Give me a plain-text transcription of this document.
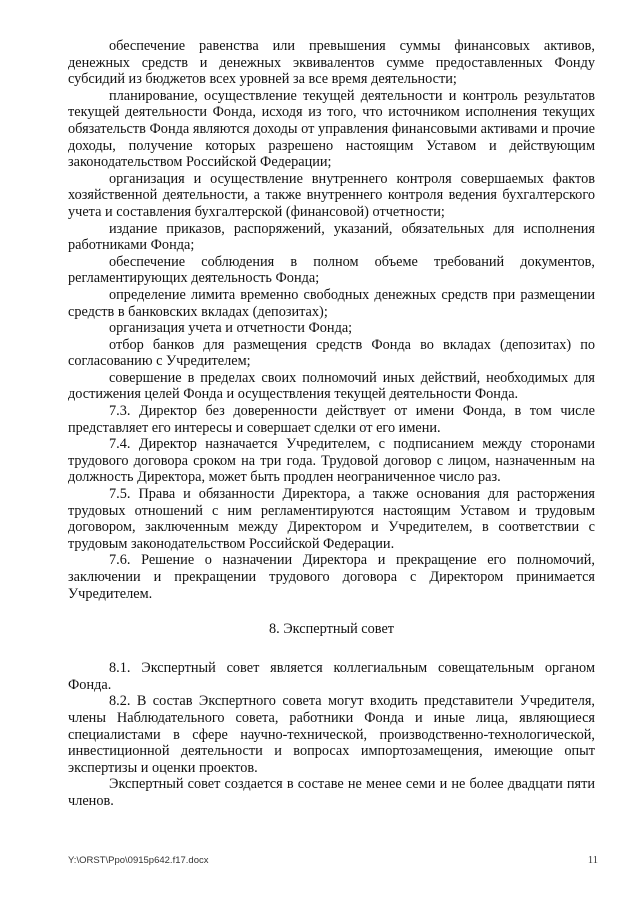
обеспечение равенства или превышения суммы финансовых активов, денежных средств и денежных эквивалентов сумме предоставленных Фонду субсидий из бюджетов всех уровней за все время деятельности;

планирование, осуществление текущей деятельности и контроль результатов текущей деятельности Фонда, исходя из того, что источником исполнения текущих обязательств Фонда являются доходы от управления финансовыми активами и прочие доходы, получение которых разрешено настоящим Уставом и действующим законодательством Российской Федерации;

организация и осуществление внутреннего контроля совершаемых фактов хозяйственной деятельности, а также внутреннего контроля ведения бухгалтерского учета и составления бухгалтерской (финансовой) отчетности;

издание приказов, распоряжений, указаний, обязательных для исполнения работниками Фонда;

обеспечение соблюдения в полном объеме требований документов, регламентирующих деятельность Фонда;

определение лимита временно свободных денежных средств при размещении средств в банковских вкладах (депозитах);

организация учета и отчетности Фонда;

отбор банков для размещения средств Фонда во вкладах (депозитах) по согласованию с Учредителем;

совершение в пределах своих полномочий иных действий, необходимых для достижения целей Фонда и осуществления текущей деятельности Фонда.

7.3. Директор без доверенности действует от имени Фонда, в том числе представляет его интересы и совершает сделки от его имени.

7.4. Директор назначается Учредителем, с подписанием между сторонами трудового договора сроком на три года. Трудовой договор с лицом, назначенным на должность Директора, может быть продлен неограниченное число раз.

7.5. Права и обязанности Директора, а также основания для расторжения трудовых отношений с ним регламентируются настоящим Уставом и трудовым договором, заключенным между Директором и Учредителем, в соответствии с трудовым законодательством Российской Федерации.

7.6. Решение о назначении Директора и прекращение его полномочий, заключении и прекращении трудового договора с Директором принимается Учредителем.

8. Экспертный совет

8.1. Экспертный совет является коллегиальным совещательным органом Фонда.

8.2. В состав Экспертного совета могут входить представители Учредителя, члены Наблюдательного совета, работники Фонда и иные лица, являющиеся специалистами в сфере научно-технической, производственно-технологической, инвестиционной деятельности и вопросах импортозамещения, имеющие опыт экспертизы и оценки проектов.

Экспертный совет создается в составе не менее семи и не более двадцати пяти членов.

Y:\ORST\Ppo\0915p642.f17.docx	11
